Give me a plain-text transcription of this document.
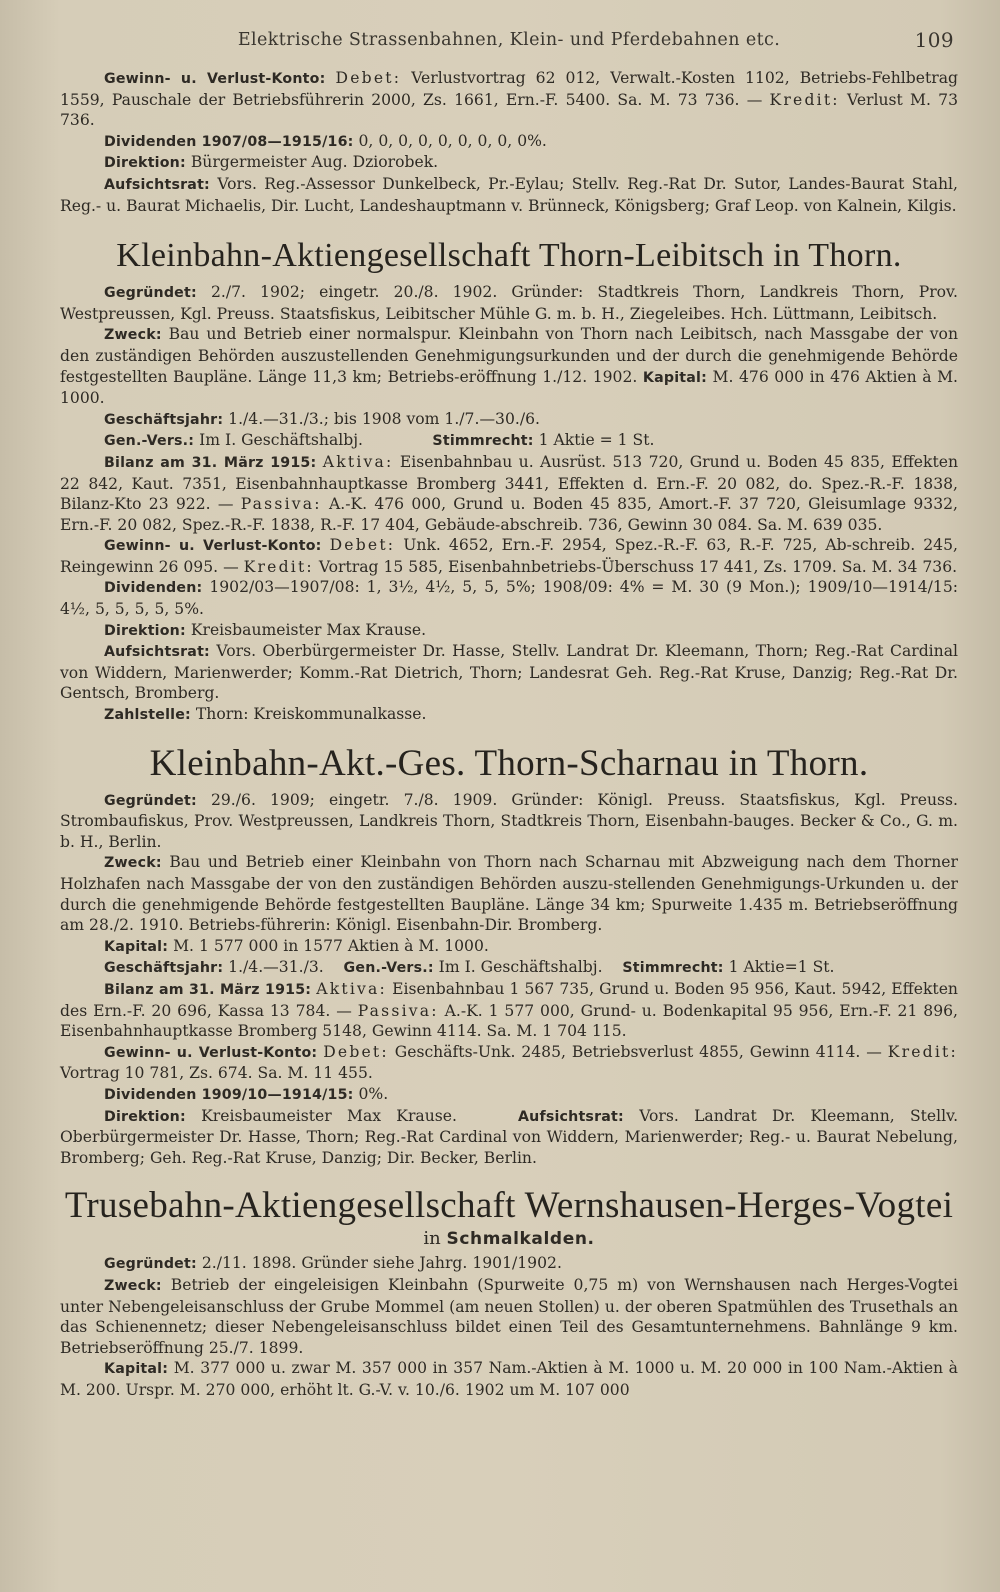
Elektrische Strassenbahnen, Klein- und Pferdebahnen etc.	109

Gewinn- u. Verlust-Konto: Debet: Verlustvortrag 62 012, Verwalt.-Kosten 1102, Betriebs-Fehlbetrag 1559, Pauschale der Betriebsführerin 2000, Zs. 1661, Ern.-F. 5400. Sa. M. 73 736. — Kredit: Verlust M. 73 736.

Dividenden 1907/08—1915/16: 0, 0, 0, 0, 0, 0, 0, 0, 0%.

Direktion: Bürgermeister Aug. Dziorobek.

Aufsichtsrat: Vors. Reg.-Assessor Dunkelbeck, Pr.-Eylau; Stellv. Reg.-Rat Dr. Sutor, Landes-Baurat Stahl, Reg.- u. Baurat Michaelis, Dir. Lucht, Landeshauptmann v. Brünneck, Königsberg; Graf Leop. von Kalnein, Kilgis.

Kleinbahn-Aktiengesellschaft Thorn-Leibitsch in Thorn.

Gegründet: 2./7. 1902; eingetr. 20./8. 1902. Gründer: Stadtkreis Thorn, Landkreis Thorn, Prov. Westpreussen, Kgl. Preuss. Staatsfiskus, Leibitscher Mühle G. m. b. H., Ziegeleibes. Hch. Lüttmann, Leibitsch.

Zweck: Bau und Betrieb einer normalspur. Kleinbahn von Thorn nach Leibitsch, nach Massgabe der von den zuständigen Behörden auszustellenden Genehmigungsurkunden und der durch die genehmigende Behörde festgestellten Baupläne. Länge 11,3 km; Betriebs-eröffnung 1./12. 1902. Kapital: M. 476 000 in 476 Aktien à M. 1000.

Geschäftsjahr: 1./4.—31./3.; bis 1908 vom 1./7.—30./6.

Gen.-Vers.: Im I. Geschäftshalbj.	Stimmrecht: 1 Aktie = 1 St.

Bilanz am 31. März 1915: Aktiva: Eisenbahnbau u. Ausrüst. 513 720, Grund u. Boden 45 835, Effekten 22 842, Kaut. 7351, Eisenbahnhauptkasse Bromberg 3441, Effekten d. Ern.-F. 20 082, do. Spez.-R.-F. 1838, Bilanz-Kto 23 922. — Passiva: A.-K. 476 000, Grund u. Boden 45 835, Amort.-F. 37 720, Gleisumlage 9332, Ern.-F. 20 082, Spez.-R.-F. 1838, R.-F. 17 404, Gebäude-abschreib. 736, Gewinn 30 084. Sa. M. 639 035.

Gewinn- u. Verlust-Konto: Debet: Unk. 4652, Ern.-F. 2954, Spez.-R.-F. 63, R.-F. 725, Ab-schreib. 245, Reingewinn 26 095. — Kredit: Vortrag 15 585, Eisenbahnbetriebs-Überschuss 17 441, Zs. 1709. Sa. M. 34 736.

Dividenden: 1902/03—1907/08: 1, 3½, 4½, 5, 5, 5%; 1908/09: 4% = M. 30 (9 Mon.); 1909/10—1914/15: 4½, 5, 5, 5, 5, 5%.

Direktion: Kreisbaumeister Max Krause.

Aufsichtsrat: Vors. Oberbürgermeister Dr. Hasse, Stellv. Landrat Dr. Kleemann, Thorn; Reg.-Rat Cardinal von Widdern, Marienwerder; Komm.-Rat Dietrich, Thorn; Landesrat Geh. Reg.-Rat Kruse, Danzig; Reg.-Rat Dr. Gentsch, Bromberg.

Zahlstelle: Thorn: Kreiskommunalkasse.

Kleinbahn-Akt.-Ges. Thorn-Scharnau in Thorn.

Gegründet: 29./6. 1909; eingetr. 7./8. 1909. Gründer: Königl. Preuss. Staatsfiskus, Kgl. Preuss. Strombaufiskus, Prov. Westpreussen, Landkreis Thorn, Stadtkreis Thorn, Eisenbahn-bauges. Becker & Co., G. m. b. H., Berlin.

Zweck: Bau und Betrieb einer Kleinbahn von Thorn nach Scharnau mit Abzweigung nach dem Thorner Holzhafen nach Massgabe der von den zuständigen Behörden auszu-stellenden Genehmigungs-Urkunden u. der durch die genehmigende Behörde festgestellten Baupläne. Länge 34 km; Spurweite 1.435 m. Betriebseröffnung am 28./2. 1910. Betriebs-führerin: Königl. Eisenbahn-Dir. Bromberg.

Kapital: M. 1 577 000 in 1577 Aktien à M. 1000.

Geschäftsjahr: 1./4.—31./3. Gen.-Vers.: Im I. Geschäftshalbj. Stimmrecht: 1 Aktie=1 St.

Bilanz am 31. März 1915: Aktiva: Eisenbahnbau 1 567 735, Grund u. Boden 95 956, Kaut. 5942, Effekten des Ern.-F. 20 696, Kassa 13 784. — Passiva: A.-K. 1 577 000, Grund- u. Bodenkapital 95 956, Ern.-F. 21 896, Eisenbahnhauptkasse Bromberg 5148, Gewinn 4114. Sa. M. 1 704 115.

Gewinn- u. Verlust-Konto: Debet: Geschäfts-Unk. 2485, Betriebsverlust 4855, Gewinn 4114. — Kredit: Vortrag 10 781, Zs. 674. Sa. M. 11 455.

Dividenden 1909/10—1914/15: 0%.

Direktion: Kreisbaumeister Max Krause.	Aufsichtsrat: Vors. Landrat Dr. Kleemann, Stellv. Oberbürgermeister Dr. Hasse, Thorn; Reg.-Rat Cardinal von Widdern, Marienwerder; Reg.- u. Baurat Nebelung, Bromberg; Geh. Reg.-Rat Kruse, Danzig; Dir. Becker, Berlin.

Trusebahn-Aktiengesellschaft Wernshausen-Herges-Vogtei
in Schmalkalden.

Gegründet: 2./11. 1898. Gründer siehe Jahrg. 1901/1902.

Zweck: Betrieb der eingeleisigen Kleinbahn (Spurweite 0,75 m) von Wernshausen nach Herges-Vogtei unter Nebengeleisanschluss der Grube Mommel (am neuen Stollen) u. der oberen Spatmühlen des Trusethals an das Schienennetz; dieser Nebengeleisanschluss bildet einen Teil des Gesamtunternehmens. Bahnlänge 9 km. Betriebseröffnung 25./7. 1899.

Kapital: M. 377 000 u. zwar M. 357 000 in 357 Nam.-Aktien à M. 1000 u. M. 20 000 in 100 Nam.-Aktien à M. 200. Urspr. M. 270 000, erhöht lt. G.-V. v. 10./6. 1902 um M. 107 000
